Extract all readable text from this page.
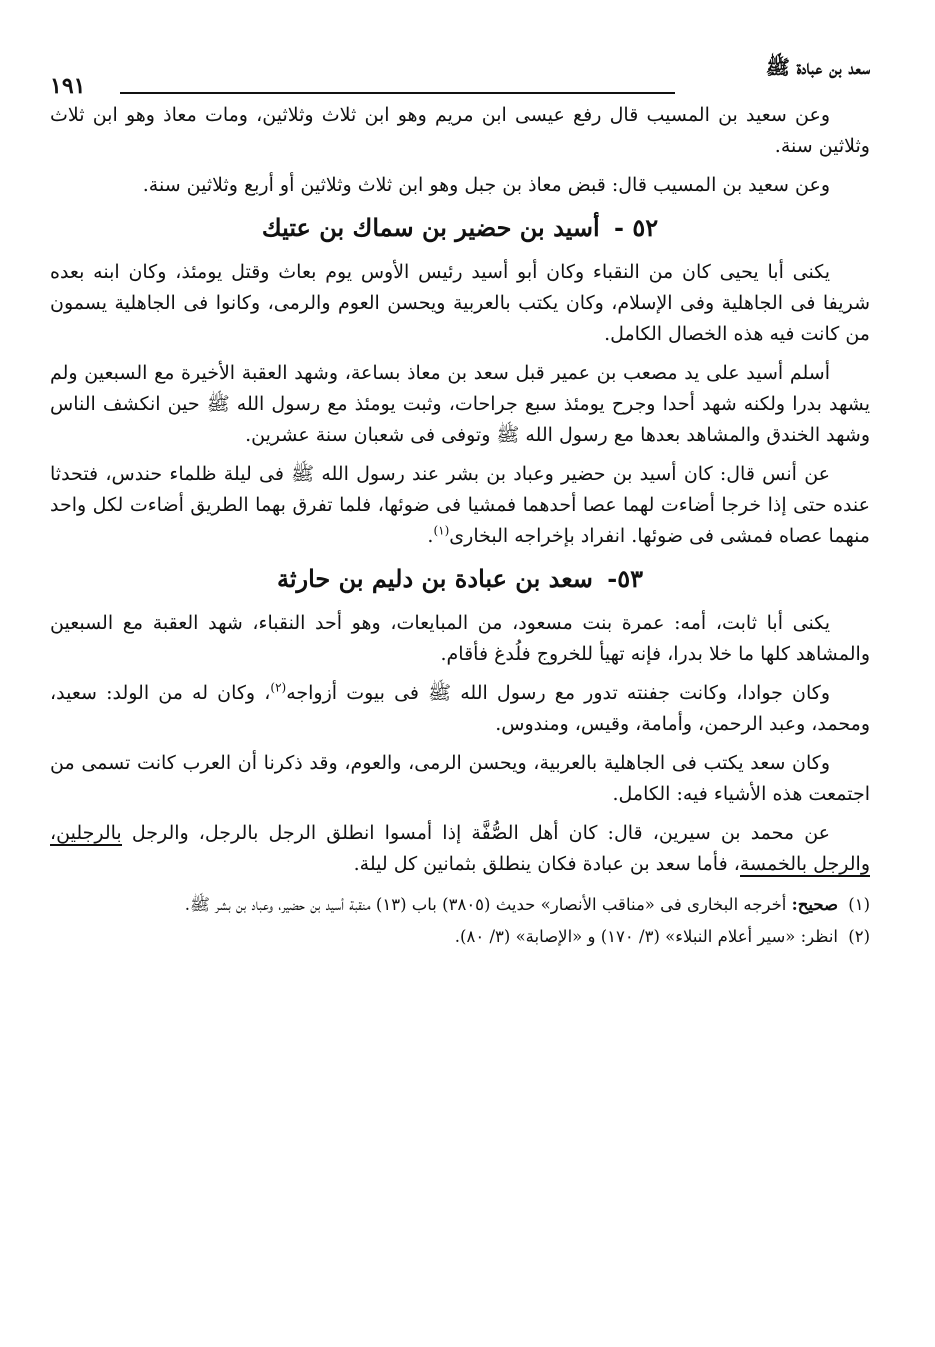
سعد بن عبادة ﷺ
١٩١

وعن سعيد بن المسيب قال رفع عيسى ابن مريم وهو ابن ثلاث وثلاثين، ومات معاذ وهو ابن ثلاث وثلاثين سنة.

وعن سعيد بن المسيب قال: قبض معاذ بن جبل وهو ابن ثلاث وثلاثين أو أربع وثلاثين سنة.

٥٢ - أسيد بن حضير بن سماك بن عتيك

يكنى أبا يحيى كان من النقباء وكان أبو أسيد رئيس الأوس يوم بعاث وقتل يومئذ، وكان ابنه بعده شريفا فى الجاهلية وفى الإسلام، وكان يكتب بالعربية ويحسن العوم والرمى، وكانوا فى الجاهلية يسمون من كانت فيه هذه الخصال الكامل.

أسلم أسيد على يد مصعب بن عمير قبل سعد بن معاذ بساعة، وشهد العقبة الأخيرة مع السبعين ولم يشهد بدرا ولكنه شهد أحدا وجرح يومئذ سبع جراحات، وثبت يومئذ مع رسول الله ﷺ حين انكشف الناس وشهد الخندق والمشاهد بعدها مع رسول الله ﷺ وتوفى فى شعبان سنة عشرين.

عن أنس قال: كان أسيد بن حضير وعباد بن بشر عند رسول الله ﷺ فى ليلة ظلماء حندس، فتحدثا عنده حتى إذا خرجا أضاءت لهما عصا أحدهما فمشيا فى ضوئها، فلما تفرق بهما الطريق أضاءت لكل واحد منهما عصاه فمشى فى ضوئها. انفراد بإخراجه البخارى$^{(١)}$.

٥٣- سعد بن عبادة بن دليم بن حارثة

يكنى أبا ثابت، أمه: عمرة بنت مسعود، من المبايعات، وهو أحد النقباء، شهد العقبة مع السبعين والمشاهد كلها ما خلا بدرا، فإنه تهيأ للخروج فلُدغ فأقام.

وكان جوادا، وكانت جفنته تدور مع رسول الله ﷺ فى بيوت أزواجه$^{(٢)}$، وكان له من الولد: سعيد، ومحمد، وعبد الرحمن، وأمامة، وقيس، ومندوس.

وكان سعد يكتب فى الجاهلية بالعربية، ويحسن الرمى، والعوم، وقد ذكرنا أن العرب كانت تسمى من اجتمعت هذه الأشياء فيه: الكامل.

عن محمد بن سيرين، قال: كان أهل الصُّفَّة إذا أمسوا انطلق الرجل بالرجل، والرجل بالرجلين، والرجل بالخمسة، فأما سعد بن عبادة فكان ينطلق بثمانين كل ليلة.

(١)
صحيح: أخرجه البخارى فى «مناقب الأنصار» حديث (٣٨٠٥) باب (١٣) منقبة أسيد بن حضير، وعباد بن بشر ﷺ.
(٢)
انظر: «سير أعلام النبلاء» (٣/ ١٧٠) و «الإصابة» (٣/ ٨٠).
